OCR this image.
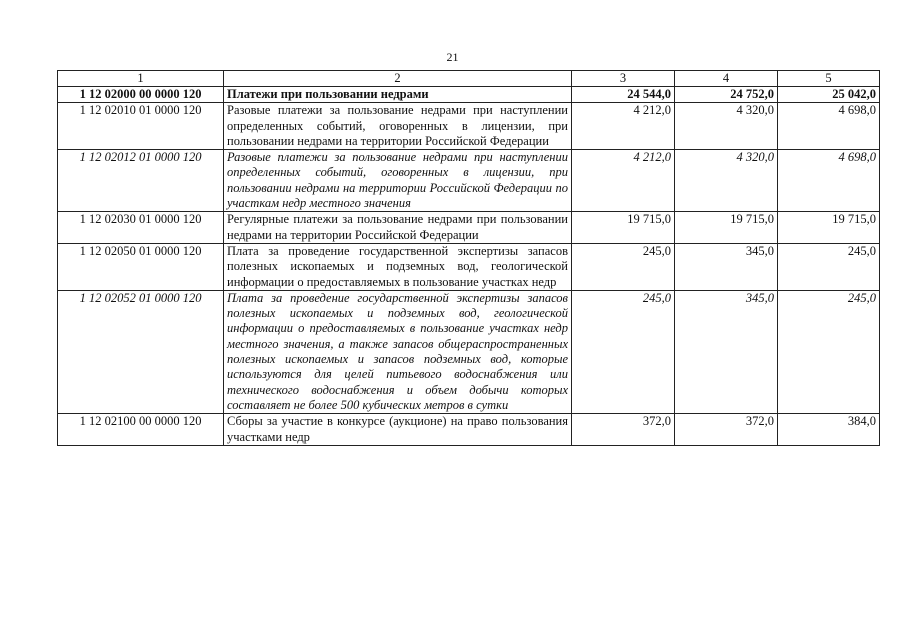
21
1	2	3	4	5
1 12 02000 00 0000 120	Платежи при пользовании недрами	24 544,0	24 752,0	25 042,0
1 12 02010 01 0000 120	Разовые платежи за пользование недрами при наступлении определенных событий, оговоренных в лицензии, при пользовании недрами на территории Российской Федерации	4 212,0	4 320,0	4 698,0
1 12 02012 01 0000 120	Разовые платежи за пользование недрами при наступлении определенных событий, оговоренных в лицензии, при пользовании недрами на территории Российской Федерации по участкам недр местного значения	4 212,0	4 320,0	4 698,0
1 12 02030 01 0000 120	Регулярные платежи за пользование недрами при пользовании недрами на территории Российской Федерации	19 715,0	19 715,0	19 715,0
1 12 02050 01 0000 120	Плата за проведение государственной экспертизы запасов полезных ископаемых и подземных вод, геологической информации о предоставляемых в пользование участках недр	245,0	345,0	245,0
1 12 02052 01 0000 120	Плата за проведение государственной экспертизы запасов полезных ископаемых и подземных вод, геологической информации о предоставляемых в пользование участках недр местного значения, а также запасов общераспространенных полезных ископаемых и запасов подземных вод, которые используются для целей питьевого водоснабжения или технического водоснабжения и объем добычи которых составляет не более 500 кубических метров в сутки	245,0	345,0	245,0
1 12 02100 00 0000 120	Сборы за участие в конкурсе (аукционе) на право пользования участками недр	372,0	372,0	384,0
